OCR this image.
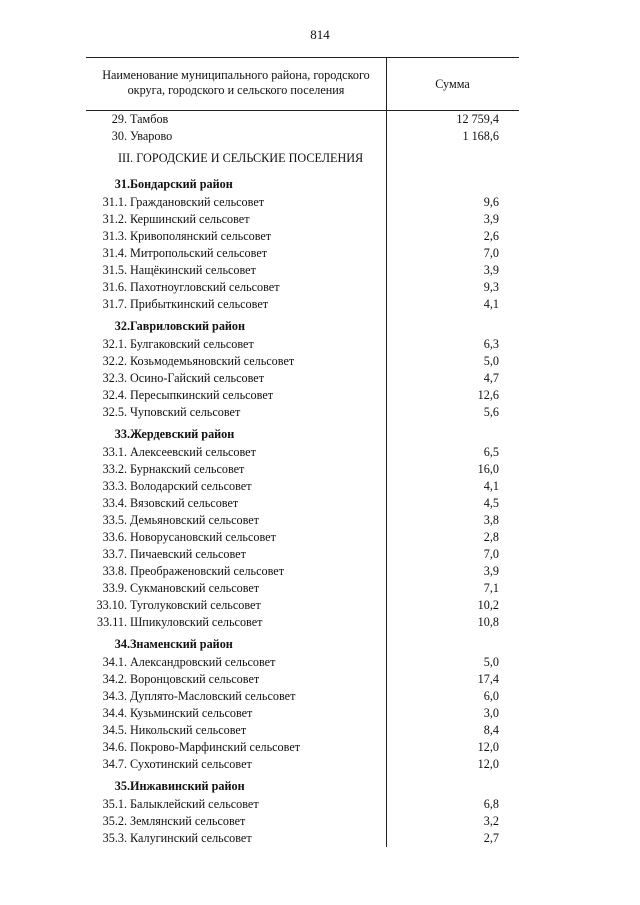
814
Наименование муниципального района, городского округа, городского и сельского поселения	Сумма
29. Тамбов	12 759,4
30. Уварово	1 168,6
III. ГОРОДСКИЕ И СЕЛЬСКИЕ ПОСЕЛЕНИЯ
31. Бондарский район
31.1. Граждановский сельсовет	9,6
31.2. Кершинский сельсовет	3,9
31.3. Кривополянский сельсовет	2,6
31.4. Митропольский сельсовет	7,0
31.5. Нащёкинский сельсовет	3,9
31.6. Пахотноугловский сельсовет	9,3
31.7. Прибыткинский сельсовет	4,1
32. Гавриловский район
32.1. Булгаковский сельсовет	6,3
32.2. Козьмодемьяновский сельсовет	5,0
32.3. Осино-Гайский сельсовет	4,7
32.4. Пересыпкинский сельсовет	12,6
32.5. Чуповский сельсовет	5,6
33. Жердевский район
33.1. Алексеевский сельсовет	6,5
33.2. Бурнакский сельсовет	16,0
33.3. Володарский сельсовет	4,1
33.4. Вязовский сельсовет	4,5
33.5. Демьяновский сельсовет	3,8
33.6. Новорусановский сельсовет	2,8
33.7. Пичаевский сельсовет	7,0
33.8. Преображеновский сельсовет	3,9
33.9. Сукмановский сельсовет	7,1
33.10. Туголуковский сельсовет	10,2
33.11. Шпикуловский сельсовет	10,8
34. Знаменский район
34.1. Александровский сельсовет	5,0
34.2. Воронцовский сельсовет	17,4
34.3. Дуплято-Масловский сельсовет	6,0
34.4. Кузьминский сельсовет	3,0
34.5. Никольский сельсовет	8,4
34.6. Покрово-Марфинский сельсовет	12,0
34.7. Сухотинский сельсовет	12,0
35. Инжавинский район
35.1. Балыклейский сельсовет	6,8
35.2. Землянский сельсовет	3,2
35.3. Калугинский сельсовет	2,7
